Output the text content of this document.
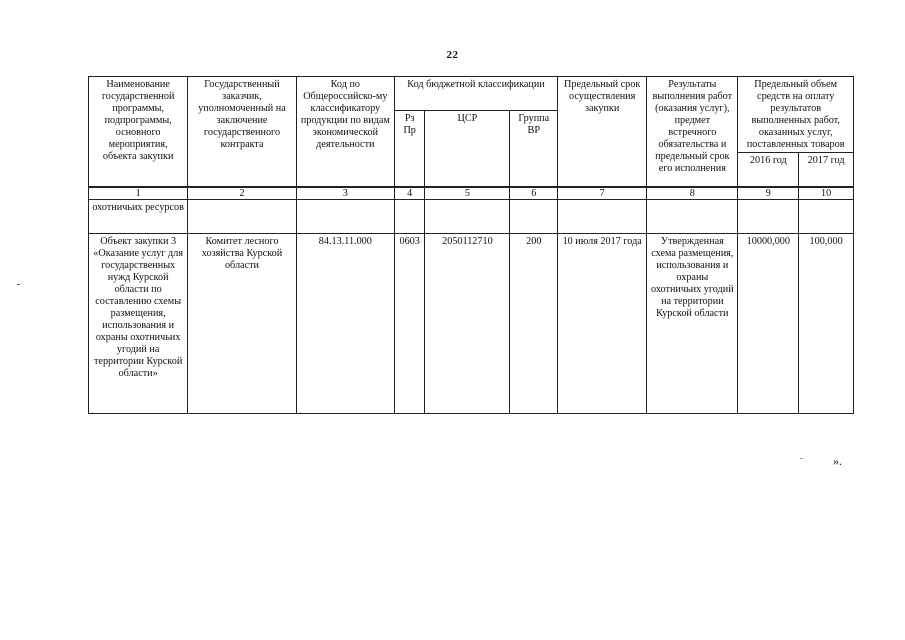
22
Наименование государственной программы, подпрограммы, основного мероприятия, объекта закупки	Государственный заказчик, уполномоченный на заключение государственного контракта	Код по Общероссийско-му классификатору продукции по видам экономической деятельности	Код бюджетной классификации			Предельный срок осуществления закупки	Результаты выполнения работ (оказания услуг), предмет встречного обязательства и предельный срок его исполнения	Предельный объем средств на оплату результатов выполненных работ, оказанных услуг, поставленных товаров	
			Рз Пр	ЦСР	Группа ВР				
								2016 год	2017 год
1	2	3	4	5	6	7	8	9	10
охотничьих ресурсов									
Объект закупки 3 «Оказание услуг для государственных нужд Курской области по составлению схемы размещения, использования и охраны охотничьих угодий на территории Курской области»	Комитет лесного хозяйства Курской области	84.13.11.000	0603	2050112710	200	10 июля 2017 года	Утвержденная схема размещения, использования и охраны охотничьих угодий на территории Курской области	10000,000	100,000
».
